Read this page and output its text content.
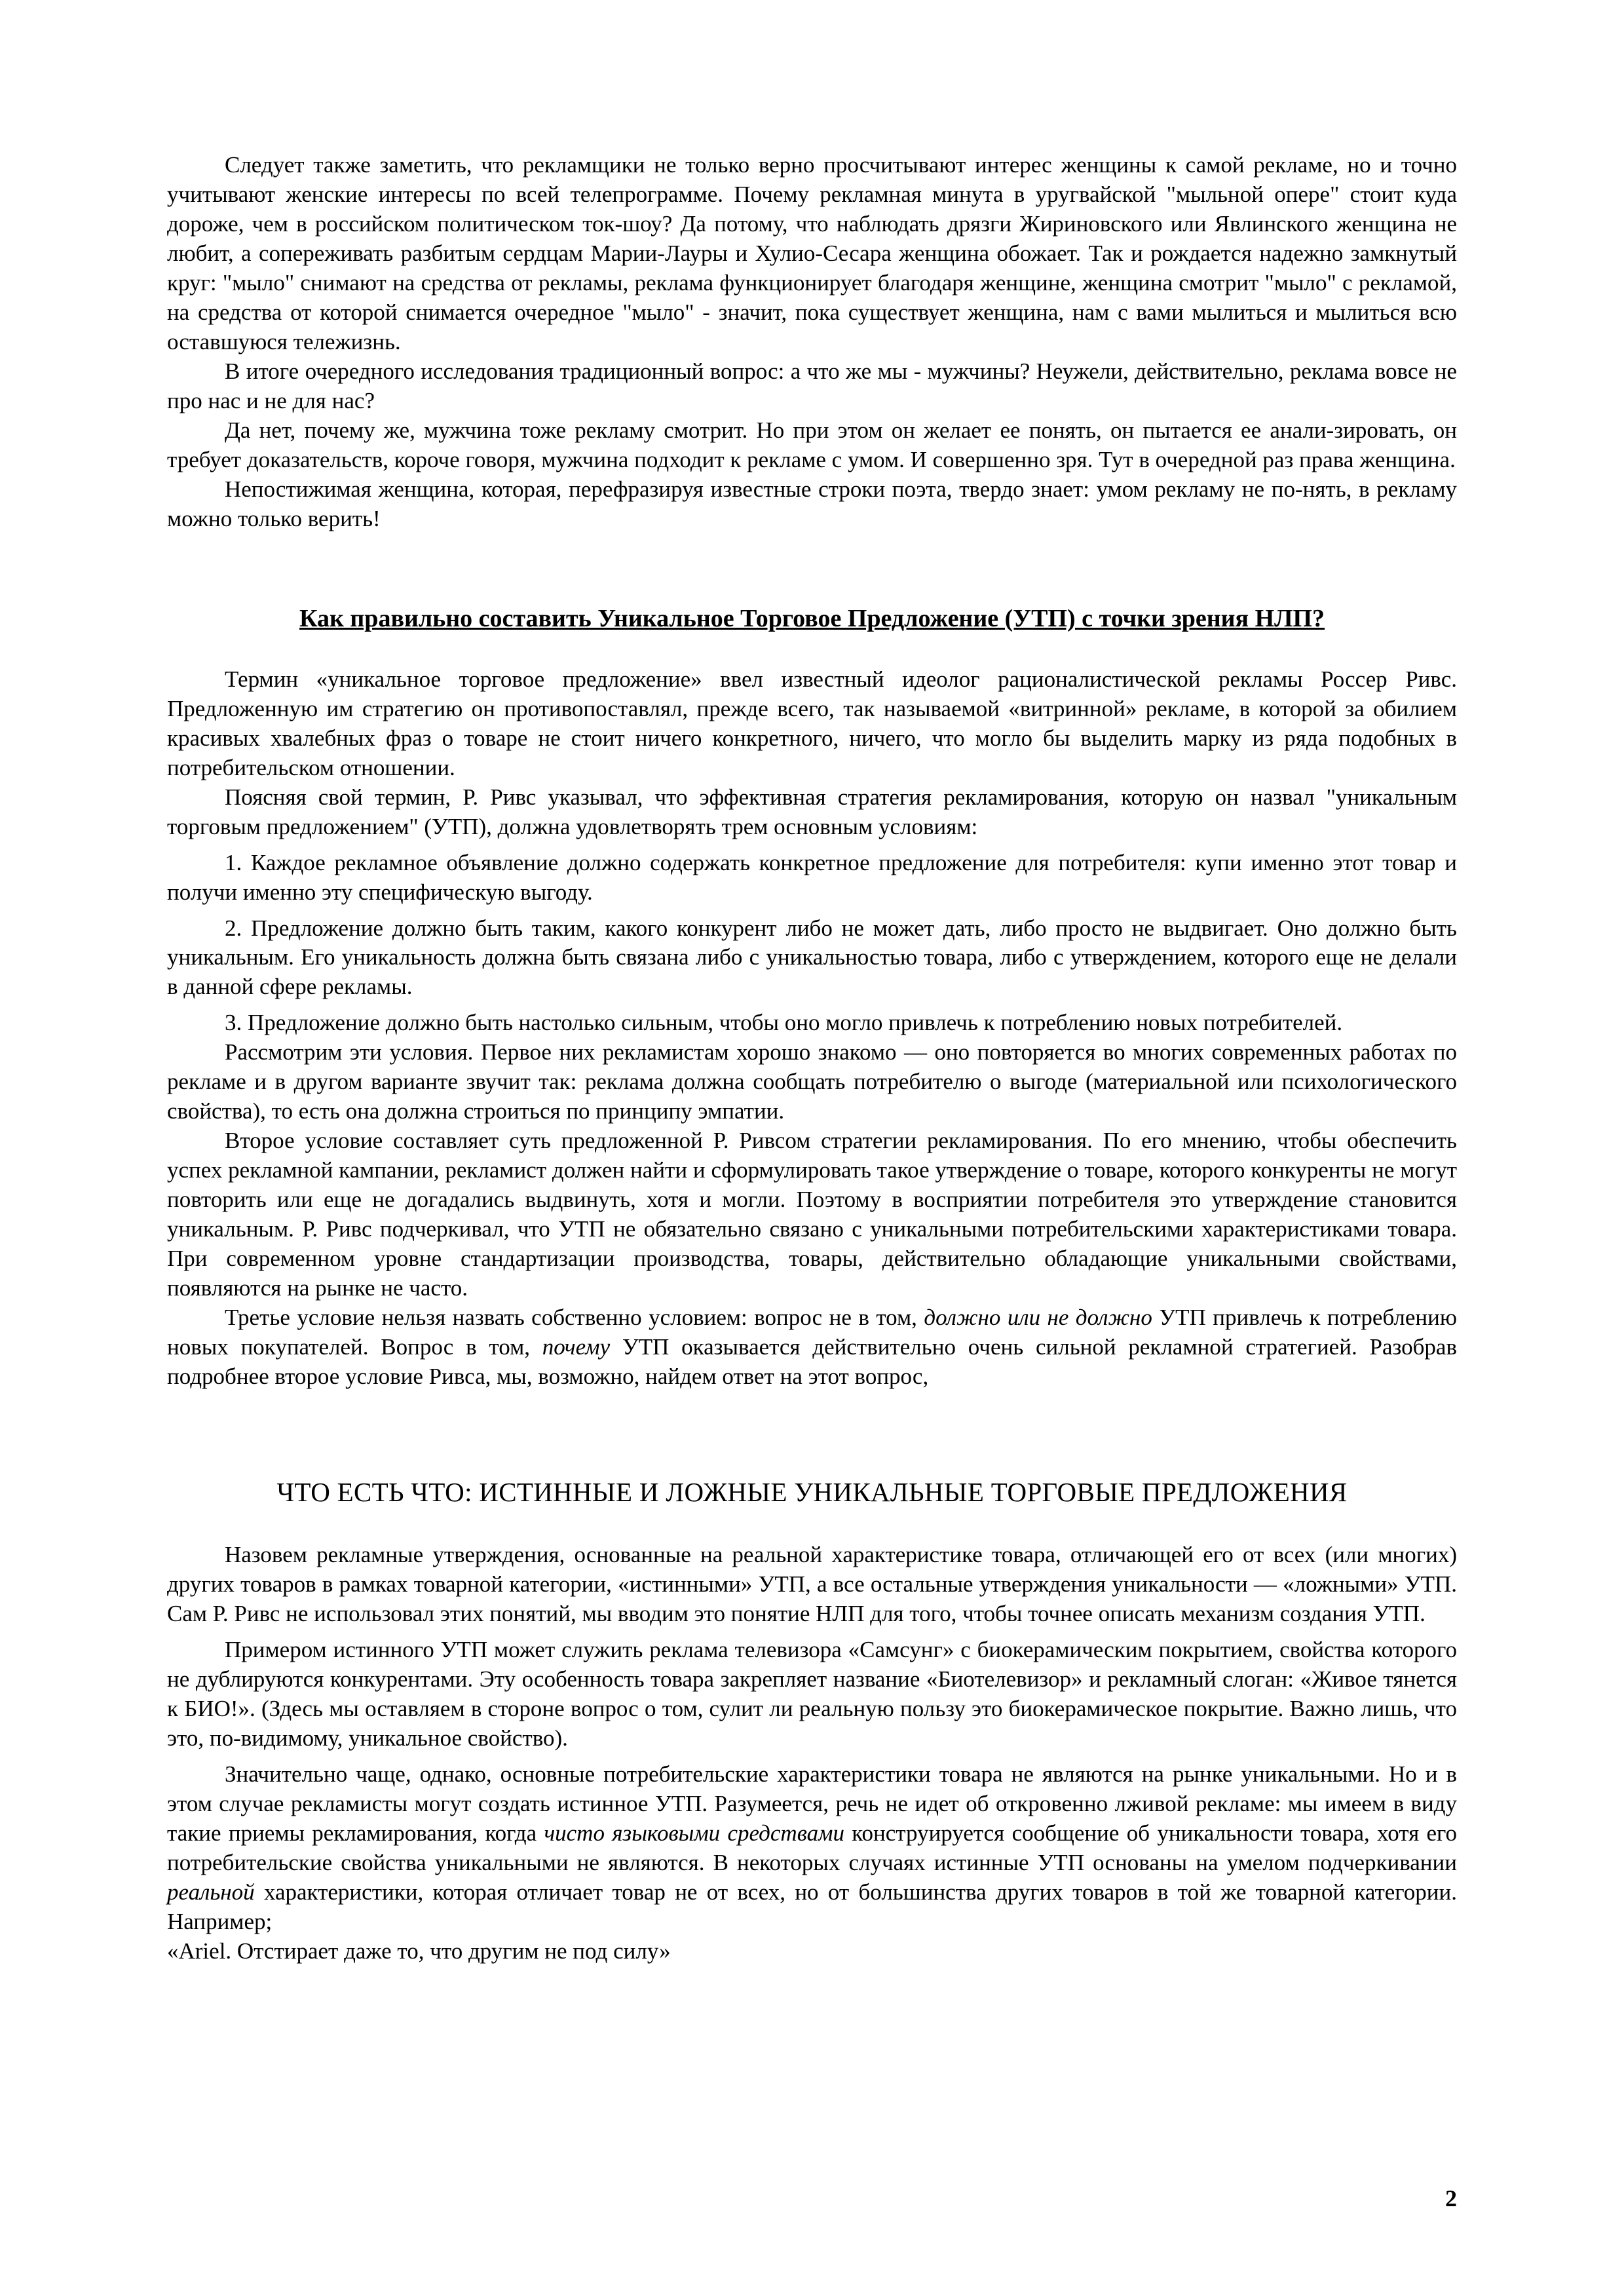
Следует также заметить, что рекламщики не только верно просчитывают интерес женщины к самой рекламе, но и точно учитывают женские интересы по всей телепрограмме. Почему рекламная минута в уругвайской "мыльной опере" стоит куда дороже, чем в российском политическом ток-шоу? Да потому, что наблюдать дрязги Жириновского или Явлинского женщина не любит, а сопереживать разбитым сердцам Марии-Лауры и Хулио-Сесара женщина обожает. Так и рождается надежно замкнутый круг: "мыло" снимают на средства от рекламы, реклама функционирует благодаря женщине, женщина смотрит "мыло" с рекламой, на средства от которой снимается очередное "мыло" - значит, пока существует женщина, нам с вами мылиться и мылиться всю оставшуюся тележизнь.

В итоге очередного исследования традиционный вопрос: а что же мы - мужчины? Неужели, действительно, реклама вовсе не про нас и не для нас?

Да нет, почему же, мужчина тоже рекламу смотрит. Но при этом он желает ее понять, он пытается ее анали-зировать, он требует доказательств, короче говоря, мужчина подходит к рекламе с умом. И совершенно зря. Тут в очередной раз права женщина.

Непостижимая женщина, которая, перефразируя известные строки поэта, твердо знает: умом рекламу не по-нять, в рекламу можно только верить!

Как правильно составить Уникальное Торговое Предложение (УТП) с точки зрения НЛП?

Термин «уникальное торговое предложение» ввел известный идеолог рационалистической рекламы Россер Ривс. Предложенную им стратегию он противопоставлял, прежде всего, так называемой «витринной» рекламе, в которой за обилием красивых хвалебных фраз о товаре не стоит ничего конкретного, ничего, что могло бы выделить марку из ряда подобных в потребительском отношении.

Поясняя свой термин, Р. Ривс указывал, что эффективная стратегия рекламирования, которую он назвал "уникальным торговым предложением" (УТП), должна удовлетворять трем основным условиям:

1. Каждое рекламное объявление должно содержать конкретное предложение для потребителя: купи именно этот товар и получи именно эту специфическую выгоду.

2. Предложение должно быть таким, какого конкурент либо не может дать, либо просто не выдвигает. Оно должно быть уникальным. Его уникальность должна быть связана либо с уникальностью товара, либо с утверждением, которого еще не делали в данной сфере рекламы.

3. Предложение должно быть настолько сильным, чтобы оно могло привлечь к потреблению новых потребителей.

Рассмотрим эти условия. Первое них рекламистам хорошо знакомо — оно повторяется во многих современных работах по рекламе и в другом варианте звучит так: реклама должна сообщать потребителю о выгоде (материальной или психологического свойства), то есть она должна строиться по принципу эмпатии.

Второе условие составляет суть предложенной Р. Ривсом стратегии рекламирования. По его мнению, чтобы обеспечить успех рекламной кампании, рекламист должен найти и сформулировать такое утверждение о товаре, которого конкуренты не могут повторить или еще не догадались выдвинуть, хотя и могли. Поэтому в восприятии потребителя это утверждение становится уникальным. Р. Ривс подчеркивал, что УТП не обязательно связано с уникальными потребительскими характеристиками товара. При современном уровне стандартизации производства, товары, действительно обладающие уникальными свойствами, появляются на рынке не часто.

Третье условие нельзя назвать собственно условием: вопрос не в том, должно или не должно УТП привлечь к потреблению новых покупателей. Вопрос в том, почему УТП оказывается действительно очень сильной рекламной стратегией. Разобрав подробнее второе условие Ривса, мы, возможно, найдем ответ на этот вопрос,

ЧТО ЕСТЬ ЧТО: ИСТИННЫЕ И ЛОЖНЫЕ УНИКАЛЬНЫЕ ТОРГОВЫЕ ПРЕДЛОЖЕНИЯ

Назовем рекламные утверждения, основанные на реальной характеристике товара, отличающей его от всех (или многих) других товаров в рамках товарной категории, «истинными» УТП, а все остальные утверждения уникальности — «ложными» УТП. Сам Р. Ривс не использовал этих понятий, мы вводим это понятие НЛП для того, чтобы точнее описать механизм создания УТП.

Примером истинного УТП может служить реклама телевизора «Самсунг» с биокерамическим покрытием, свойства которого не дублируются конкурентами. Эту особенность товара закрепляет название «Биотелевизор» и рекламный слоган: «Живое тянется к БИО!». (Здесь мы оставляем в стороне вопрос о том, сулит ли реальную пользу это биокерамическое покрытие. Важно лишь, что это, по-видимому, уникальное свойство).

Значительно чаще, однако, основные потребительские характеристики товара не являются на рынке уникальными. Но и в этом случае рекламисты могут создать истинное УТП. Разумеется, речь не идет об откровенно лживой рекламе: мы имеем в виду такие приемы рекламирования, когда чисто языковыми средствами конструируется сообщение об уникальности товара, хотя его потребительские свойства уникальными не являются. В некоторых случаях истинные УТП основаны на умелом подчеркивании реальной характеристики, которая отличает товар не от всех, но от большинства других товаров в той же товарной категории. Например;

«Ariel. Отстирает даже то, что другим не под силу»

2
